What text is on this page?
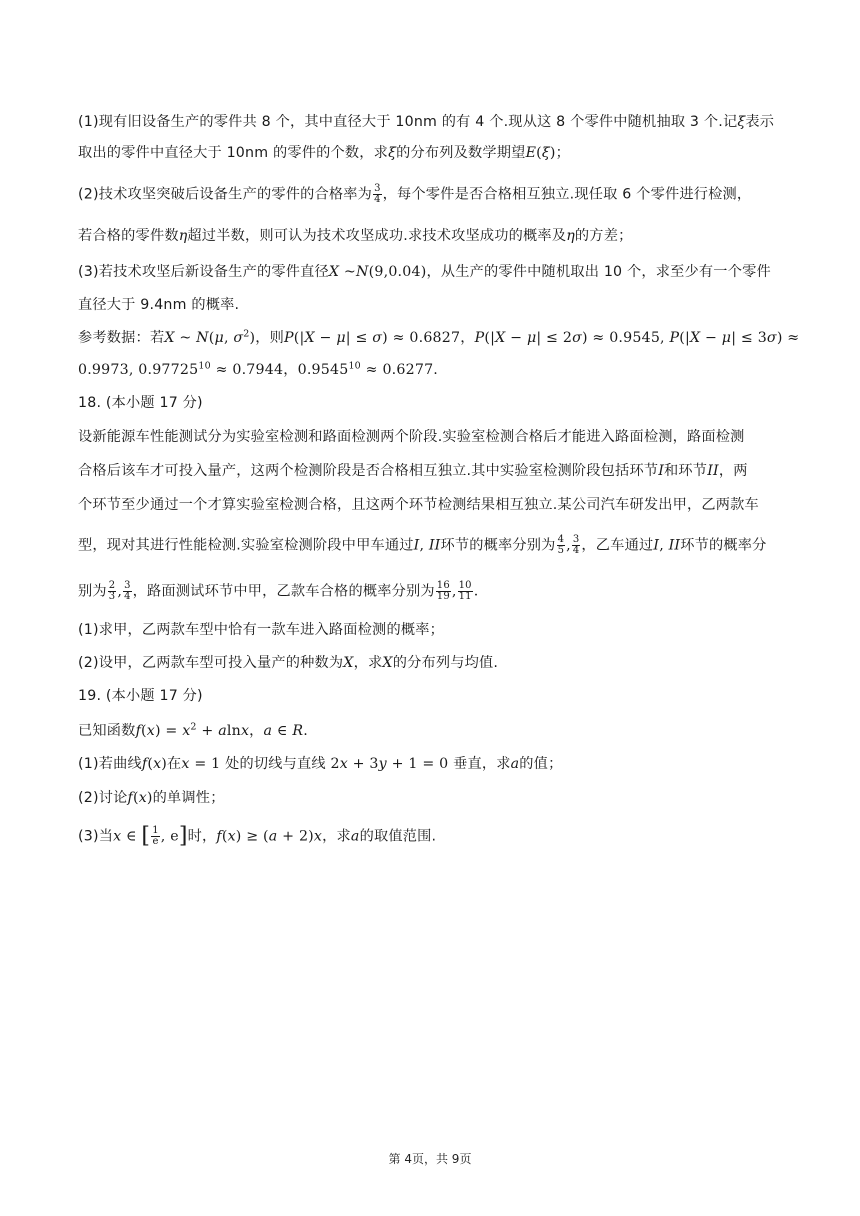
(1)现有旧设备生产的零件共 8 个，其中直径大于 10nm 的有 4 个.现从这 8 个零件中随机抽取 3 个.记ξ表示
取出的零件中直径大于 10nm 的零件的个数，求ξ的分布列及数学期望E(ξ)；
(2)技术攻坚突破后设备生产的零件的合格率为 $\frac{3}{4}$ ，每个零件是否合格相互独立.现任取 6 个零件进行检测，
若合格的零件数η超过半数，则可认为技术攻坚成功.求技术攻坚成功的概率及η的方差；
(3)若技术攻坚后新设备生产的零件直径X ~N(9,0.04)，从生产的零件中随机取出 10 个，求至少有一个零件
直径大于 9.4nm 的概率.
参考数据：若X ~ N(μ, $\sigma^2$)，则P(|X − μ| ≤ σ) ≈ 0.6827，P(|X − μ| ≤ 2σ) ≈ 0.9545, P(|X − μ| ≤ 3σ) ≈
0.9973, $0.97725^{10} \approx 0.7944$，$0.9545^{10} \approx 0.6277$.
18. (本小题 17 分)
设新能源车性能测试分为实验室检测和路面检测两个阶段.实验室检测合格后才能进入路面检测，路面检测
合格后该车才可投入量产，这两个检测阶段是否合格相互独立.其中实验室检测阶段包括环节I和环节II，两
个环节至少通过一个才算实验室检测合格，且这两个环节检测结果相互独立.某公司汽车研发出甲，乙两款车
型，现对其进行性能检测.实验室检测阶段中甲车通过I, II环节的概率分别为 $\frac{4}{5}$ , $\frac{3}{4}$ ，乙车通过I, II环节的概率分
别为 $\frac{2}{3}$ , $\frac{3}{4}$ ，路面测试环节中甲，乙款车合格的概率分别为 $\frac{16}{19}$ , $\frac{10}{11}$ .
(1)求甲，乙两款车型中恰有一款车进入路面检测的概率；
(2)设甲，乙两款车型可投入量产的种数为X，求X的分布列与均值.
19. (本小题 17 分)
已知函数$f(x) = x^2 + alnx$，a ∈ R.
(1)若曲线f(x)在x = 1 处的切线与直线 2x + 3y + 1 = 0 垂直，求a的值；
(2)讨论f(x)的单调性；
(3)当x ∈ [ $\frac{1}{e}$ , e]时，f(x) ≥ (a + 2)x，求a的取值范围.
第 4页，共 9页
